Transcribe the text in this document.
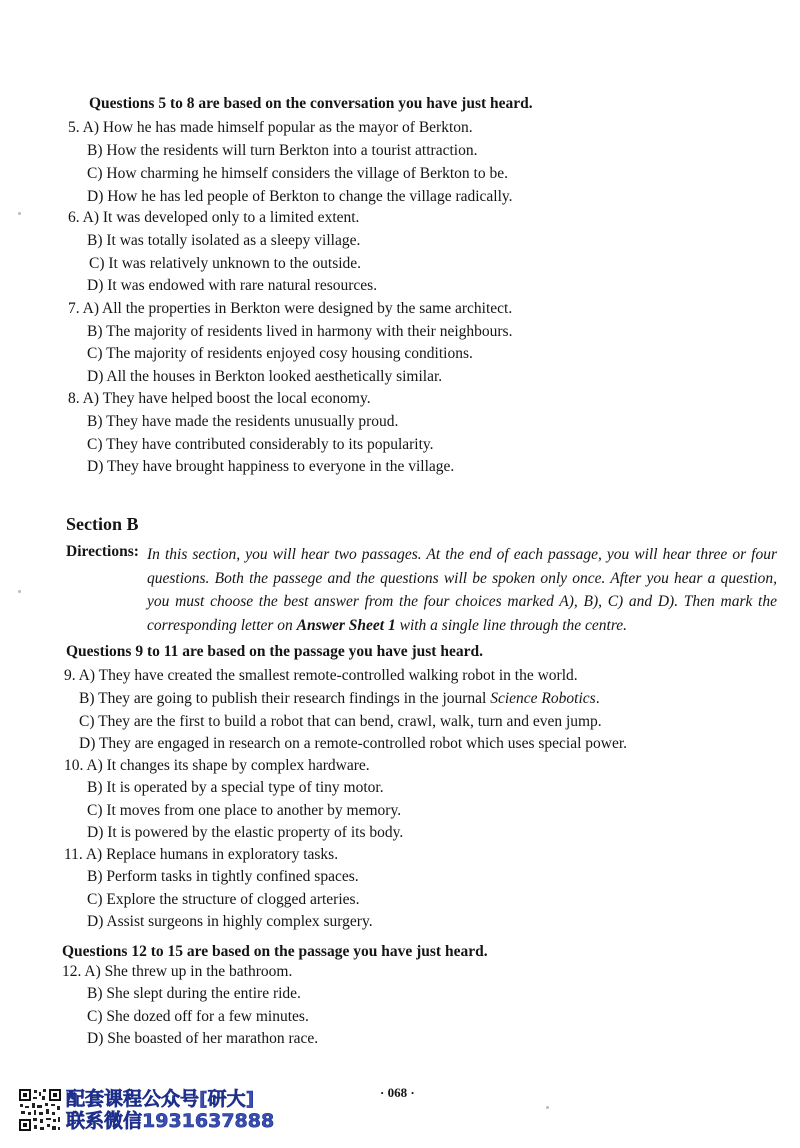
Questions 5 to 8 are based on the conversation you have just heard.
5. A) How he has made himself popular as the mayor of Berkton.
B) How the residents will turn Berkton into a tourist attraction.
C) How charming he himself considers the village of Berkton to be.
D) How he has led people of Berkton to change the village radically.
6. A) It was developed only to a limited extent.
B) It was totally isolated as a sleepy village.
C) It was relatively unknown to the outside.
D) It was endowed with rare natural resources.
7. A) All the properties in Berkton were designed by the same architect.
B) The majority of residents lived in harmony with their neighbours.
C) The majority of residents enjoyed cosy housing conditions.
D) All the houses in Berkton looked aesthetically similar.
8. A) They have helped boost the local economy.
B) They have made the residents unusually proud.
C) They have contributed considerably to its popularity.
D) They have brought happiness to everyone in the village.
Section B
Directions: In this section, you will hear two passages. At the end of each passage, you will hear three or four questions. Both the passege and the questions will be spoken only once. After you hear a question, you must choose the best answer from the four choices marked A), B), C) and D). Then mark the corresponding letter on Answer Sheet 1 with a single line through the centre.
Questions 9 to 11 are based on the passage you have just heard.
9. A) They have created the smallest remote-controlled walking robot in the world.
B) They are going to publish their research findings in the journal Science Robotics.
C) They are the first to build a robot that can bend, crawl, walk, turn and even jump.
D) They are engaged in research on a remote-controlled robot which uses special power.
10. A) It changes its shape by complex hardware.
B) It is operated by a special type of tiny motor.
C) It moves from one place to another by memory.
D) It is powered by the elastic property of its body.
11. A) Replace humans in exploratory tasks.
B) Perform tasks in tightly confined spaces.
C) Explore the structure of clogged arteries.
D) Assist surgeons in highly complex surgery.
Questions 12 to 15 are based on the passage you have just heard.
12. A) She threw up in the bathroom.
B) She slept during the entire ride.
C) She dozed off for a few minutes.
D) She boasted of her marathon race.
· 068 ·
配套课程公众号[研大]
联系微信1931637888
